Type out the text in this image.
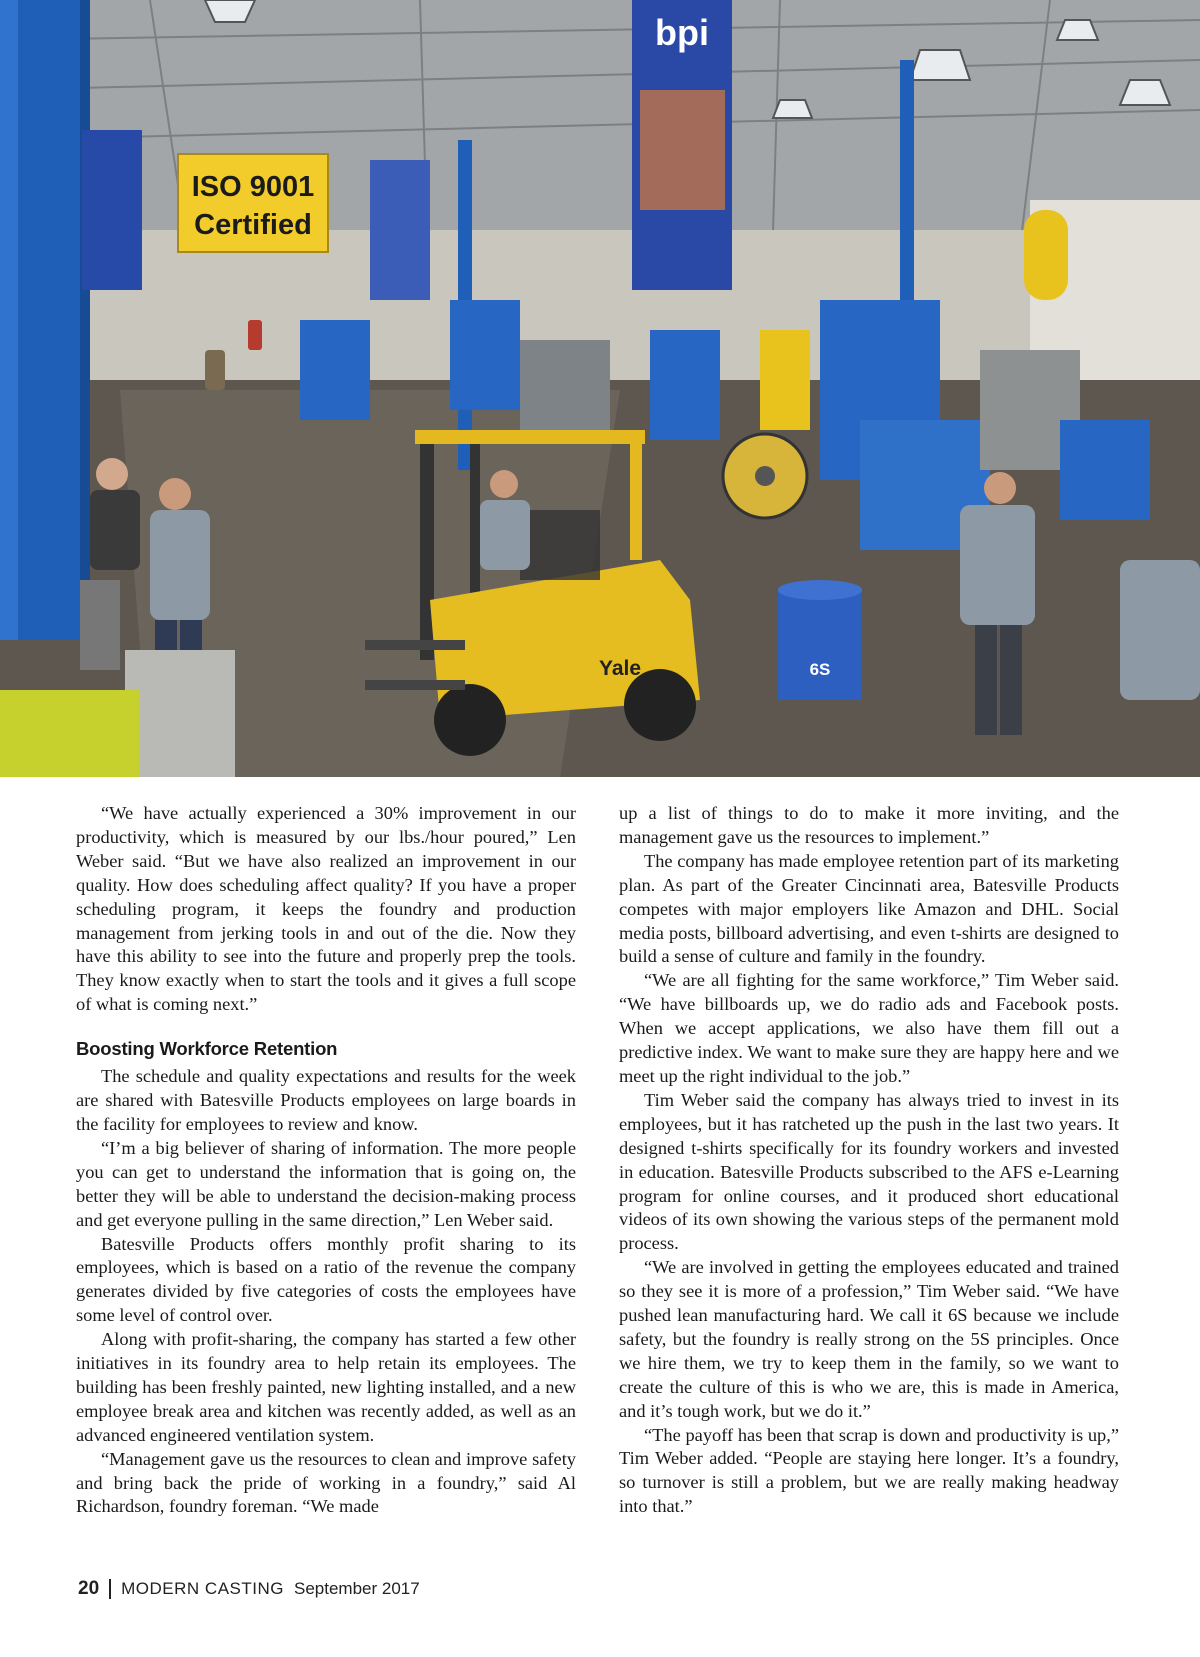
ISO 9001
Certified
bpi
6S
Yale

“We have actually experienced a 30% improvement in our productivity, which is measured by our lbs./hour poured,” Len Weber said. “But we have also realized an improvement in our quality. How does scheduling affect quality? If you have a proper scheduling program, it keeps the foundry and production management from jerking tools in and out of the die. Now they have this ability to see into the future and properly prep the tools. They know exactly when to start the tools and it gives a full scope of what is coming next.”

Boosting Workforce Retention

The schedule and quality expectations and results for the week are shared with Batesville Products employees on large boards in the facility for employees to review and know.

“I’m a big believer of sharing of information. The more people you can get to understand the information that is going on, the better they will be able to understand the decision-making process and get everyone pulling in the same direction,” Len Weber said.

Batesville Products offers monthly profit sharing to its employees, which is based on a ratio of the revenue the company generates divided by five categories of costs the employees have some level of control over.

Along with profit-sharing, the company has started a few other initiatives in its foundry area to help retain its employees. The building has been freshly painted, new lighting installed, and a new employee break area and kitchen was recently added, as well as an advanced engineered ventilation system.

“Management gave us the resources to clean and improve safety and bring back the pride of working in a foundry,” said Al Richardson, foundry foreman. “We made

up a list of things to do to make it more inviting, and the management gave us the resources to implement.”

The company has made employee retention part of its marketing plan. As part of the Greater Cincinnati area, Batesville Products competes with major employers like Amazon and DHL. Social media posts, billboard advertising, and even t-shirts are designed to build a sense of culture and family in the foundry.

“We are all fighting for the same workforce,” Tim Weber said. “We have billboards up, we do radio ads and Facebook posts. When we accept applications, we also have them fill out a predictive index. We want to make sure they are happy here and we meet up the right individual to the job.”

Tim Weber said the company has always tried to invest in its employees, but it has ratcheted up the push in the last two years. It designed t-shirts specifically for its foundry workers and invested in education. Batesville Products subscribed to the AFS e-Learning program for online courses, and it produced short educational videos of its own showing the various steps of the permanent mold process.

“We are involved in getting the employees educated and trained so they see it is more of a profession,” Tim Weber said. “We have pushed lean manufacturing hard. We call it 6S because we include safety, but the foundry is really strong on the 5S principles. Once we hire them, we try to keep them in the family, so we want to create the culture of this is who we are, this is made in America, and it’s tough work, but we do it.”

“The payoff has been that scrap is down and productivity is up,” Tim Weber added. “People are staying here longer. It’s a foundry, so turnover is still a problem, but we are really making headway into that.”

20 MODERN CASTING September 2017
